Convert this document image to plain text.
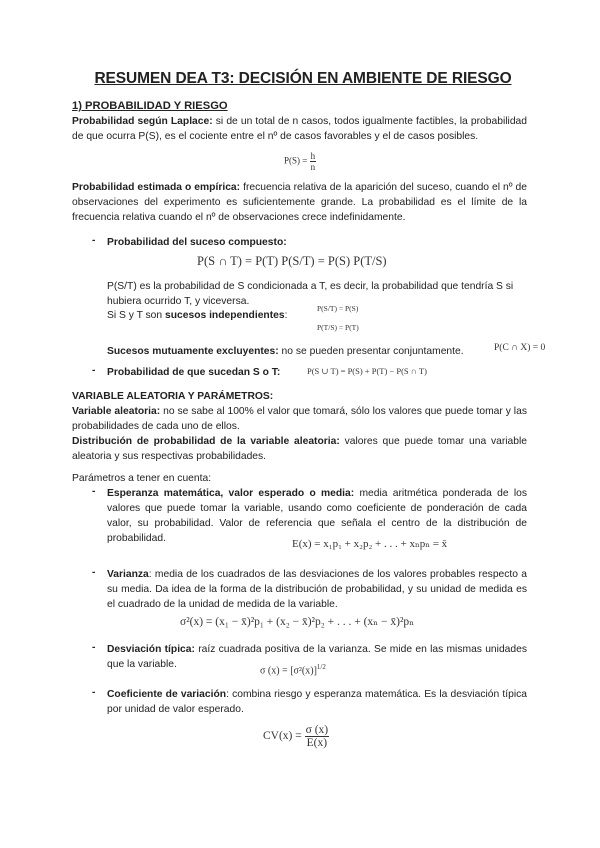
RESUMEN DEA T3: DECISIÓN EN AMBIENTE DE RIESGO
1) PROBABILIDAD Y RIESGO
Probabilidad según Laplace: si de un total de n casos, todos igualmente factibles, la probabilidad de que ocurra P(S), es el cociente entre el nº de casos favorables y el de casos posibles.
$P(S) = \frac{h}{n}$
Probabilidad estimada o empírica: frecuencia relativa de la aparición del suceso, cuando el nº de observaciones del experimento es suficientemente grande. La probabilidad es el límite de la frecuencia relativa cuando el nº de observaciones crece indefinidamente.
- Probabilidad del suceso compuesto:
P(S ∩ T) = P(T) P(S/T) = P(S) P(T/S)
P(S/T) es la probabilidad de S condicionada a T, es decir, la probabilidad que tendría S si hubiera ocurrido T, y viceversa.
Si S y T son sucesos independientes:
P(S/T) = P(S)
P(T/S) = P(T)
Sucesos mutuamente excluyentes: no se pueden presentar conjuntamente.	P(C ∩ X) = 0
- Probabilidad de que sucedan S o T:	P(S ∪ T) = P(S) + P(T) − P(S ∩ T)
VARIABLE ALEATORIA Y PARÁMETROS:
Variable aleatoria: no se sabe al 100% el valor que tomará, sólo los valores que puede tomar y las probabilidades de cada uno de ellos.
Distribución de probabilidad de la variable aleatoria: valores que puede tomar una variable aleatoria y sus respectivas probabilidades.
Parámetros a tener en cuenta:
- Esperanza matemática, valor esperado o media: media aritmética ponderada de los valores que puede tomar la variable, usando como coeficiente de ponderación de cada valor, su probabilidad. Valor de referencia que señala el centro de la distribución de probabilidad.	E(x) = x₁p₁ + x₂p₂ + . . . + xₙpₙ = x̄
- Varianza: media de los cuadrados de las desviaciones de los valores probables respecto a su media. Da idea de la forma de la distribución de probabilidad, y su unidad de medida es el cuadrado de la unidad de medida de la variable.
σ²(x) = (x₁ − x̄)²p₁ + (x₂ − x̄)²p₂ + . . . + (xₙ − x̄)²pₙ
- Desviación típica: raíz cuadrada positiva de la varianza. Se mide en las mismas unidades que la variable.
σ $(x) = [\sigma^2(x)]^{1/2}$
- Coeficiente de variación: combina riesgo y esperanza matemática. Es la desviación típica por unidad de valor esperado.
$CV(x) = \frac{\sigma (x)}{E(x)}$
